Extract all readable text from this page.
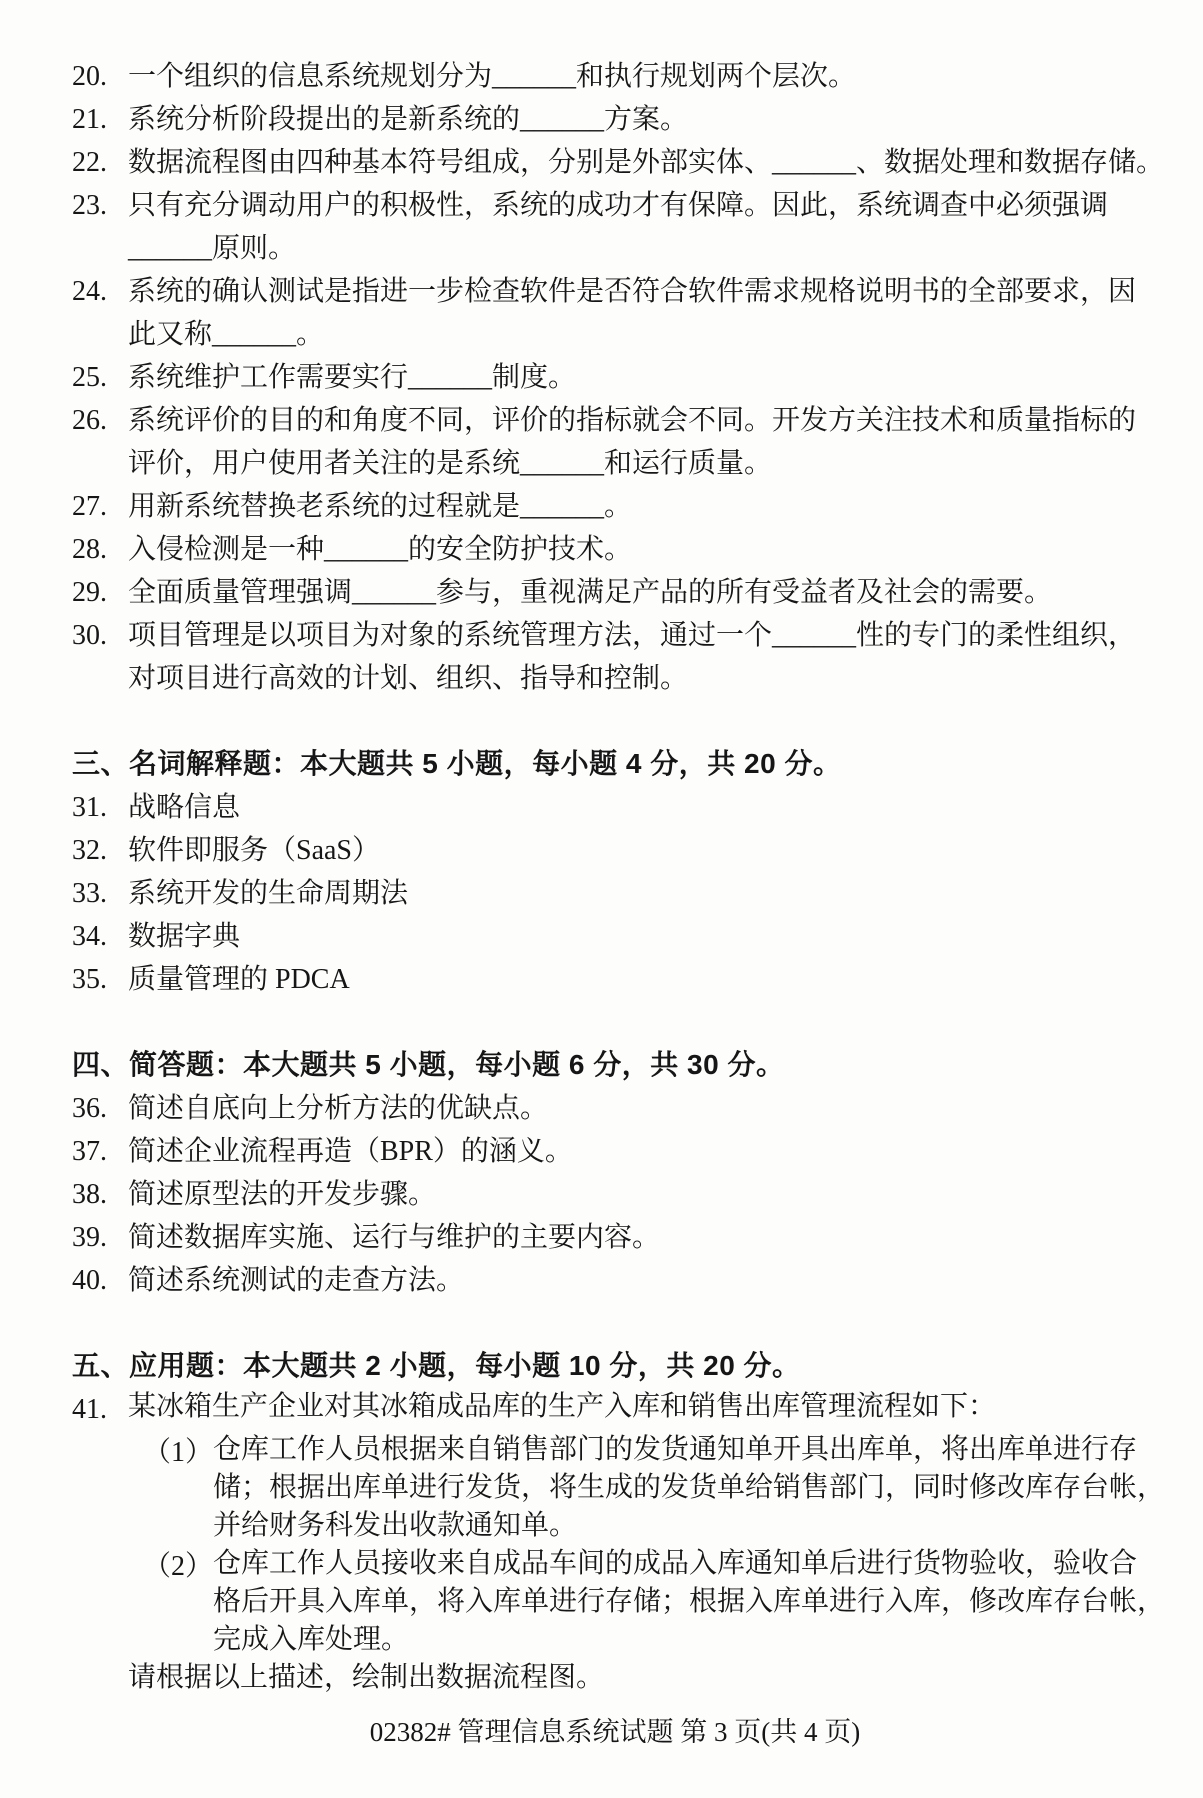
20. 一个组织的信息系统规划分为______和执行规划两个层次。
21. 系统分析阶段提出的是新系统的______方案。
22. 数据流程图由四种基本符号组成，分别是外部实体、______、数据处理和数据存储。
23. 只有充分调动用户的积极性，系统的成功才有保障。因此，系统调查中必须强调
______原则。
24. 系统的确认测试是指进一步检查软件是否符合软件需求规格说明书的全部要求，因
此又称______。
25. 系统维护工作需要实行______制度。
26. 系统评价的目的和角度不同，评价的指标就会不同。开发方关注技术和质量指标的
评价，用户使用者关注的是系统______和运行质量。
27. 用新系统替换老系统的过程就是______。
28. 入侵检测是一种______的安全防护技术。
29. 全面质量管理强调______参与，重视满足产品的所有受益者及社会的需要。
30. 项目管理是以项目为对象的系统管理方法，通过一个______性的专门的柔性组织，
对项目进行高效的计划、组织、指导和控制。
三、名词解释题：本大题共 5 小题，每小题 4 分，共 20 分。
31. 战略信息
32. 软件即服务（SaaS）
33. 系统开发的生命周期法
34. 数据字典
35. 质量管理的 PDCA
四、简答题：本大题共 5 小题，每小题 6 分，共 30 分。
36. 简述自底向上分析方法的优缺点。
37. 简述企业流程再造（BPR）的涵义。
38. 简述原型法的开发步骤。
39. 简述数据库实施、运行与维护的主要内容。
40. 简述系统测试的走查方法。
五、应用题：本大题共 2 小题，每小题 10 分，共 20 分。
41. 某冰箱生产企业对其冰箱成品库的生产入库和销售出库管理流程如下：
（1） 仓库工作人员根据来自销售部门的发货通知单开具出库单，将出库单进行存
储；根据出库单进行发货，将生成的发货单给销售部门，同时修改库存台帐，
并给财务科发出收款通知单。
（2） 仓库工作人员接收来自成品车间的成品入库通知单后进行货物验收，验收合
格后开具入库单，将入库单进行存储；根据入库单进行入库，修改库存台帐，
完成入库处理。
请根据以上描述，绘制出数据流程图。
02382# 管理信息系统试题 第 3 页(共 4 页)
